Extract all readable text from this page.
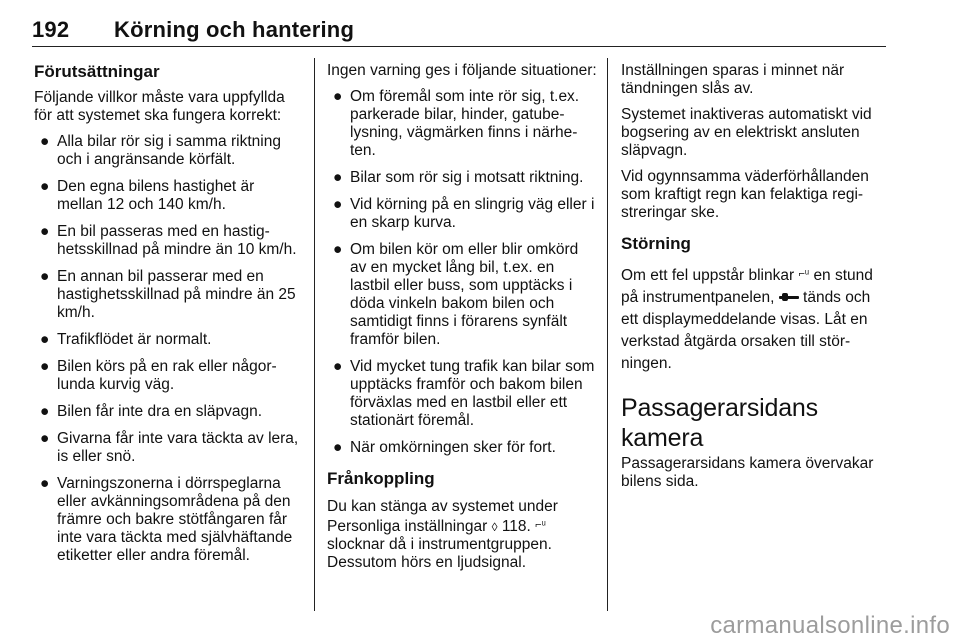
192 Körning och hantering
Förutsättningar

Följande villkor måste vara uppfyllda för att systemet ska fungera korrekt:

● Alla bilar rör sig i samma riktning och i angränsande körfält.
● Den egna bilens hastighet är mellan 12 och 140 km/h.
● En bil passeras med en hastighetsskillnad på mindre än 10 km/h.
● En annan bil passerar med en hastighetsskillnad på mindre än 25 km/h.
● Trafikflödet är normalt.
● Bilen körs på en rak eller någorlunda kurvig väg.
● Bilen får inte dra en släpvagn.
● Givarna får inte vara täckta av lera, is eller snö.
● Varningszonerna i dörrspeglarna eller avkänningsområdena på den främre och bakre stötfångaren får inte vara täckta med självhäftande etiketter eller andra föremål.

Ingen varning ges i följande situationer:

● Om föremål som inte rör sig, t.ex. parkerade bilar, hinder, gatubelysning, vägmärken finns i närheten.
● Bilar som rör sig i motsatt riktning.
● Vid körning på en slingrig väg eller i en skarp kurva.
● Om bilen kör om eller blir omkörd av en mycket lång bil, t.ex. en lastbil eller buss, som upptäcks i döda vinkeln bakom bilen och samtidigt finns i förarens synfält framför bilen.
● Vid mycket tung trafik kan bilar som upptäcks framför och bakom bilen förväxlas med en lastbil eller ett stationärt föremål.
● När omkörningen sker för fort.
Frånkoppling

Du kan stänga av systemet under Personliga inställningar ◊ 118. ⌐ᵘ slocknar då i instrumentgruppen. Dessutom hörs en ljudsignal.

Inställningen sparas i minnet när tändningen slås av.

Systemet inaktiveras automatiskt vid bogsering av en elektriskt ansluten släpvagn.

Vid ogynnsamma väderförhållanden som kraftigt regn kan felaktiga registreringar ske.

Störning

Om ett fel uppstår blinkar ⌐ᵘ en stund på instrumentpanelen, tänds och ett displaymeddelande visas. Låt en verkstad åtgärda orsaken till störningen.

Passagerarsidans kamera

Passagerarsidans kamera övervakar bilens sida.

carmanualsonline.info
